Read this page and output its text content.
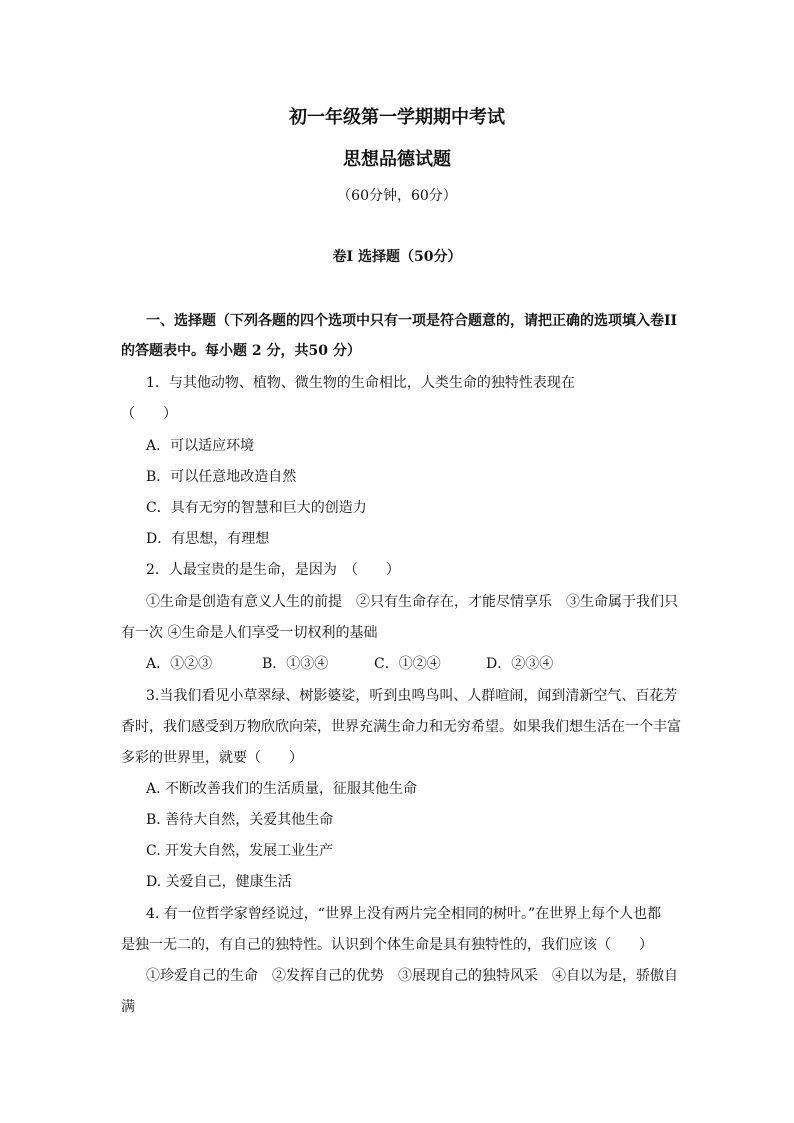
初一年级第一学期期中考试
思想品德试题
（60分钟，60分）
卷I 选择题（50分）
一、选择题（下列各题的四个选项中只有一项是符合题意的，请把正确的选项填入卷II
的答题表中。每小题 2 分，共50 分）
1．与其他动物、植物、微生物的生命相比，人类生命的独特性表现在
（　　）
A．可以适应环境
B．可以任意地改造自然
C．具有无穷的智慧和巨大的创造力
D．有思想，有理想
2．人最宝贵的是生命，是因为　（　　）
①生命是创造有意义人生的前提　②只有生命存在，才能尽情享乐　③生命属于我们只
有一次 ④生命是人们享受一切权利的基础
A．①②③	B．①③④	C．①②④	D．②③④
3.当我们看见小草翠绿、树影婆娑，听到虫鸣鸟叫、人群喧闹，闻到清新空气、百花芳
香时，我们感受到万物欣欣向荣，世界充满生命力和无穷希望。如果我们想生活在一个丰富
多彩的世界里，就要（　　）
A. 不断改善我们的生活质量，征服其他生命
B. 善待大自然，关爱其他生命
C. 开发大自然，发展工业生产
D. 关爱自己，健康生活
4. 有一位哲学家曾经说过，“世界上没有两片完全相同的树叶。”在世界上每个人也都
是独一无二的，有自己的独特性。认识到个体生命是具有独特性的，我们应该（　　）
①珍爱自己的生命　②发挥自己的优势　③展现自己的独特风采　④自以为是，骄傲自
满
